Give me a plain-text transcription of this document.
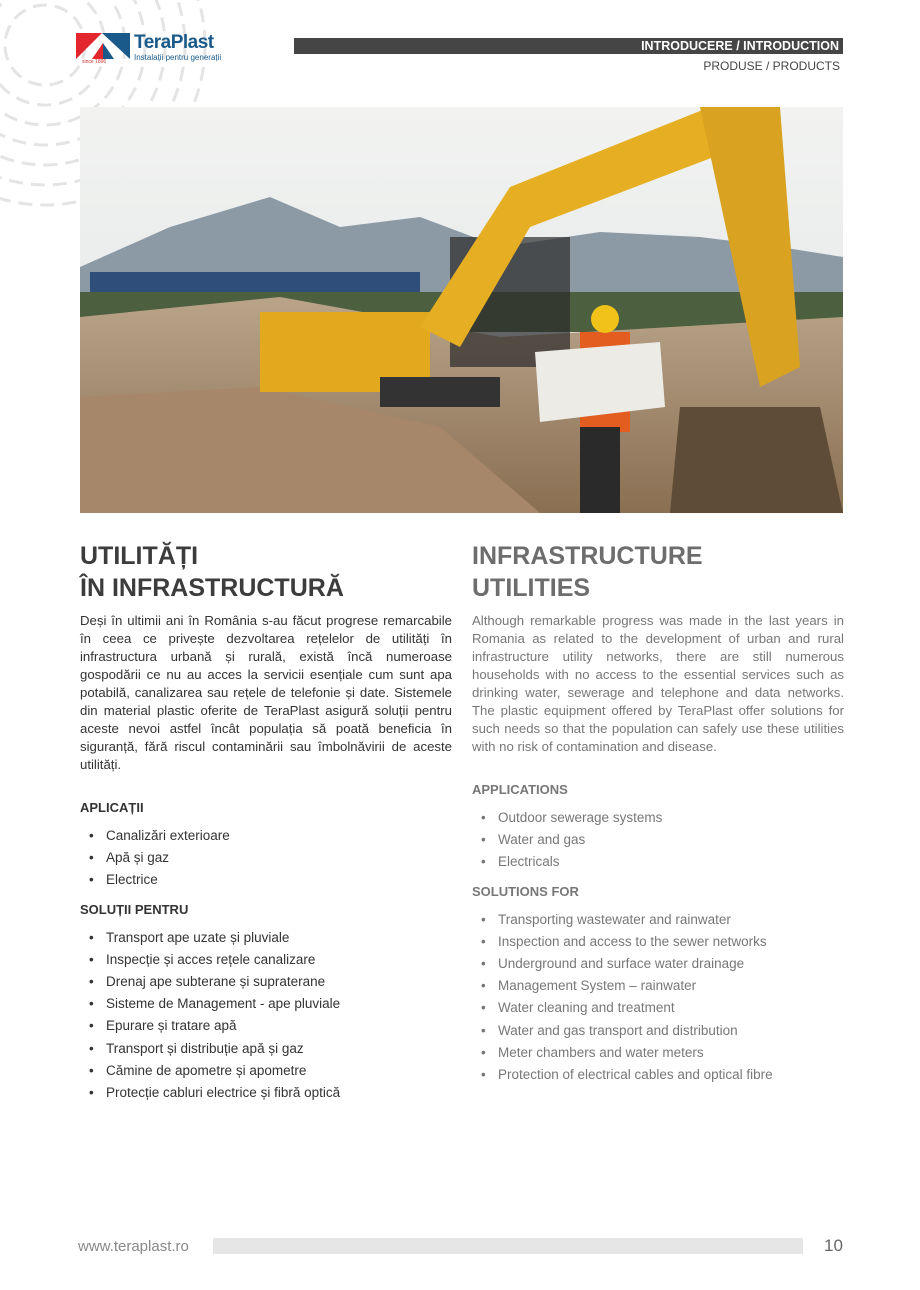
since 1896
TeraPlast
Instalații pentru generații
INTRODUCERE / INTRODUCTION
PRODUSE / PRODUCTS
UTILITĂȚI
ÎN INFRASTRUCTURĂ

Deși în ultimii ani în România s-au făcut progrese remarcabile în ceea ce privește dezvoltarea rețelelor de utilități în infrastructura urbană și rurală, există încă numeroase gospodării ce nu au acces la servicii esențiale cum sunt apa potabilă, canalizarea sau rețele de telefonie și date. Sistemele din material plastic oferite de TeraPlast asigură soluții pentru aceste nevoi astfel încât populația să poată beneficia în siguranță, fără riscul contaminării sau îmbolnăvirii de aceste utilități.

APLICAȚII
• Canalizări exterioare
• Apă și gaz
• Electrice
SOLUȚII PENTRU
• Transport ape uzate și pluviale
• Inspecție și acces rețele canalizare
• Drenaj ape subterane și supraterane
• Sisteme de Management - ape pluviale
• Epurare și tratare apă
• Transport și distribuție apă și gaz
• Cămine de apometre și apometre
• Protecție cabluri electrice și fibră optică
INFRASTRUCTURE
UTILITIES

Although remarkable progress was made in the last years in Romania as related to the development of urban and rural infrastructure utility networks, there are still numerous households with no access to the essential services such as drinking water, sewerage and telephone and data networks. The plastic equipment offered by TeraPlast offer solutions for such needs so that the population can safely use these utilities with no risk of contamination and disease.

APPLICATIONS
• Outdoor sewerage systems
• Water and gas
• Electricals
SOLUTIONS FOR
• Transporting wastewater and rainwater
• Inspection and access to the sewer networks
• Underground and surface water drainage
• Management System – rainwater
• Water cleaning and treatment
• Water and gas transport and distribution
• Meter chambers and water meters
• Protection of electrical cables and optical fibre
www.teraplast.ro	10
